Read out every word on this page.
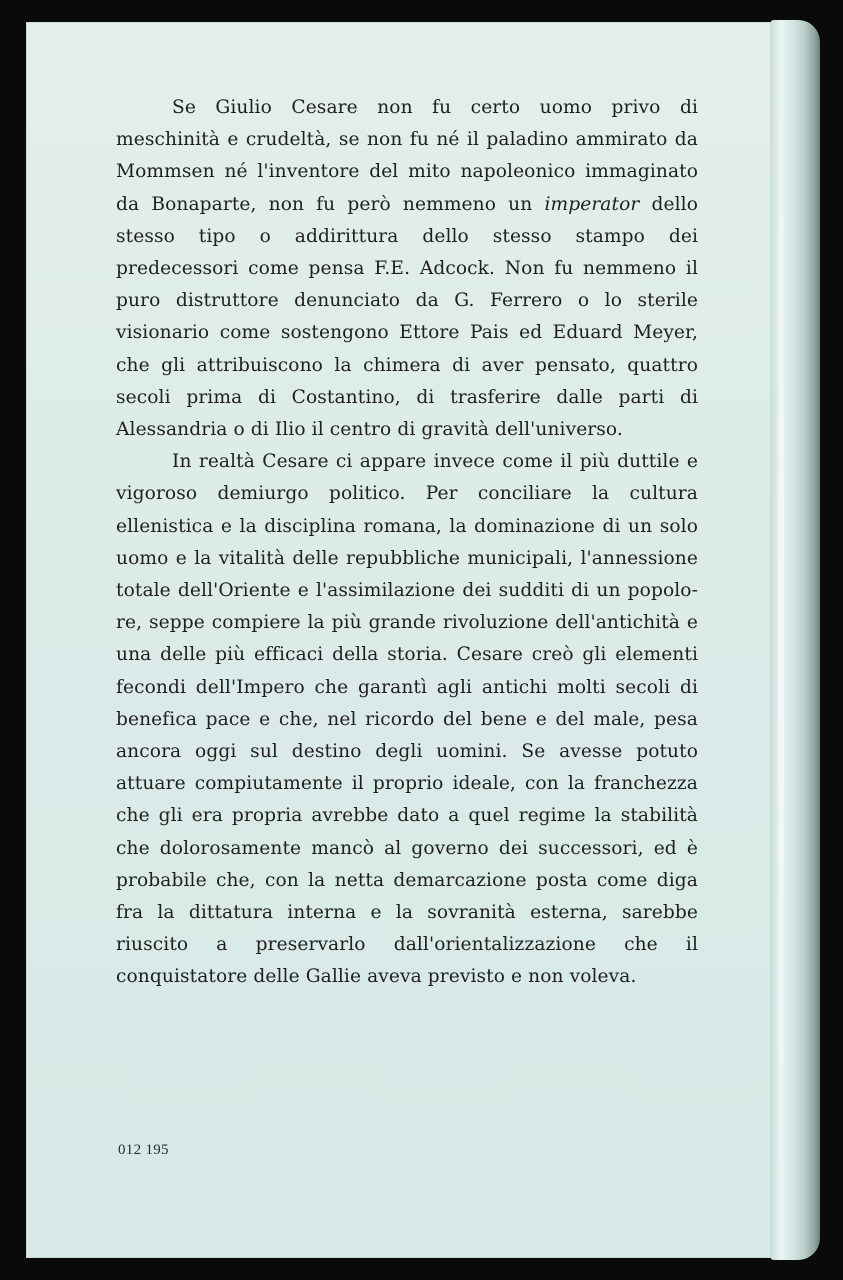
Se Giulio Cesare non fu certo uomo privo di meschinità e crudeltà, se non fu né il paladino ammirato da Mommsen né l'inventore del mito napoleonico immaginato da Bonaparte, non fu però nemmeno un imperator dello stesso tipo o addirittura dello stesso stampo dei predecessori come pensa F.E. Adcock. Non fu nemmeno il puro distruttore denunciato da G. Ferrero o lo sterile visionario come sostengono Ettore Pais ed Eduard Meyer, che gli attribuiscono la chimera di aver pensato, quattro secoli prima di Costantino, di trasferire dalle parti di Alessandria o di Ilio il centro di gravità dell'universo.

In realtà Cesare ci appare invece come il più duttile e vigoroso demiurgo politico. Per conciliare la cultura ellenistica e la disciplina romana, la dominazione di un solo uomo e la vitalità delle repubbliche municipali, l'annessione totale dell'Oriente e l'assimilazione dei sudditi di un popolo-re, seppe compiere la più grande rivoluzione dell'antichità e una delle più efficaci della storia. Cesare creò gli elementi fecondi dell'Impero che garantì agli antichi molti secoli di benefica pace e che, nel ricordo del bene e del male, pesa ancora oggi sul destino degli uomini. Se avesse potuto attuare compiutamente il proprio ideale, con la franchezza che gli era propria avrebbe dato a quel regime la stabilità che dolorosamente mancò al governo dei successori, ed è probabile che, con la netta demarcazione posta come diga fra la dittatura interna e la sovranità esterna, sarebbe riuscito a preservarlo dall'orientalizzazione che il conquistatore delle Gallie aveva previsto e non voleva.

012 195
